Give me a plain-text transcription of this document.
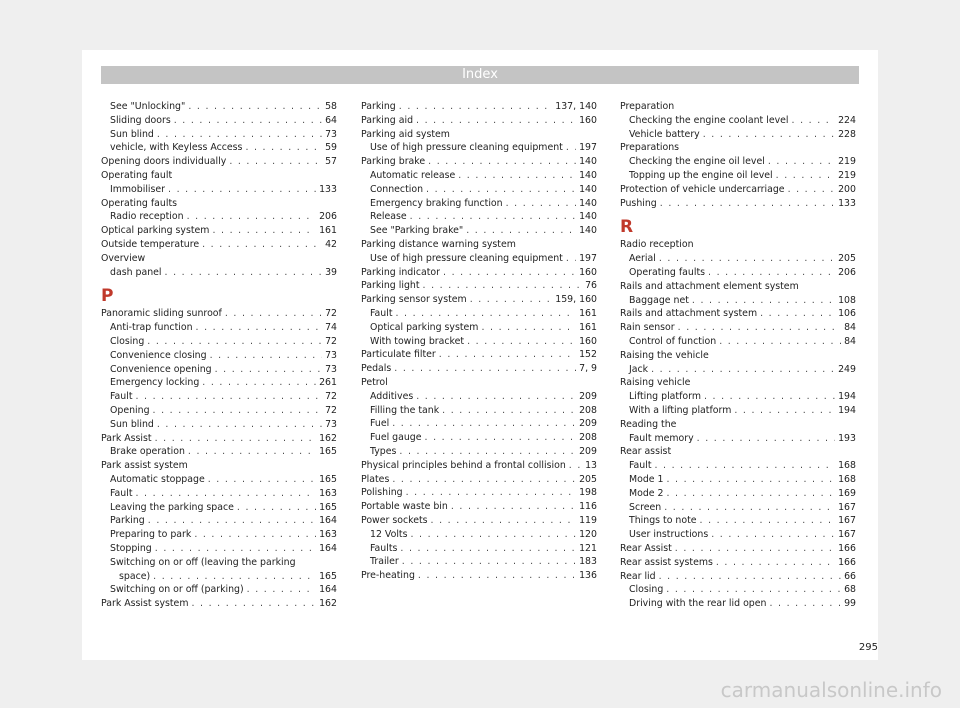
Index
See "Unlocking" . . .	58
Sliding doors . . .	64
Sun blind . . .	73
vehicle, with Keyless Access . . .	59
Opening doors individually . . .	57
Operating fault
Immobiliser . . .	133
Operating faults
Radio reception . . .	206
Optical parking system . . .	161
Outside temperature . . .	42
Overview
dash panel . . .	39
P
Panoramic sliding sunroof . . .	72
Anti-trap function . . .	74
Closing . . .	72
Convenience closing . . .	73
Convenience opening . . .	73
Emergency locking . . .	261
Fault . . .	72
Opening . . .	72
Sun blind . . .	73
Park Assist . . .	162
Brake operation . . .	165
Park assist system
Automatic stoppage . . .	165
Fault . . .	163
Leaving the parking space . . .	165
Parking . . .	164
Preparing to park . . .	163
Stopping . . .	164
Switching on or off (leaving the parking
space) . . .	165
Switching on or off (parking) . . .	164
Park Assist system . . .	162
Parking . . .	137, 140
Parking aid . . .	160
Parking aid system
Use of high pressure cleaning equipment . . . 197
Parking brake . . .	140
Automatic release . . .	140
Connection . . .	140
Emergency braking function . . .	140
Release . . .	140
See "Parking brake" . . .	140
Parking distance warning system
Use of high pressure cleaning equipment . . . 197
Parking indicator . . .	160
Parking light . . .	76
Parking sensor system . . .	159, 160
Fault . . .	161
Optical parking system . . .	161
With towing bracket . . .	160
Particulate filter . . .	152
Pedals . . .	7, 9
Petrol
Additives . . .	209
Filling the tank . . .	208
Fuel . . .	209
Fuel gauge . . .	208
Types . . .	209
Physical principles behind a frontal collision . . . 13
Plates . . .	205
Polishing . . .	198
Portable waste bin . . .	116
Power sockets . . .	119
12 Volts . . .	120
Faults . . .	121
Trailer . . .	183
Pre-heating . . .	136
Preparation
Checking the engine coolant level . . .	224
Vehicle battery . . .	228
Preparations
Checking the engine oil level . . .	219
Topping up the engine oil level . . .	219
Protection of vehicle undercarriage . . .	200
Pushing . . .	133
R
Radio reception
Aerial . . .	205
Operating faults . . .	206
Rails and attachment element system
Baggage net . . .	108
Rails and attachment system . . .	106
Rain sensor . . .	84
Control of function . . .	84
Raising the vehicle
Jack . . .	249
Raising vehicle
Lifting platform . . .	194
With a lifting platform . . .	194
Reading the
Fault memory . . .	193
Rear assist
Fault . . .	168
Mode 1 . . .	168
Mode 2 . . .	169
Screen . . .	167
Things to note . . .	167
User instructions . . .	167
Rear Assist . . .	166
Rear assist systems . . .	166
Rear lid . . .	66
Closing . . .	68
Driving with the rear lid open . . .	99
295
carmanualsonline.info
